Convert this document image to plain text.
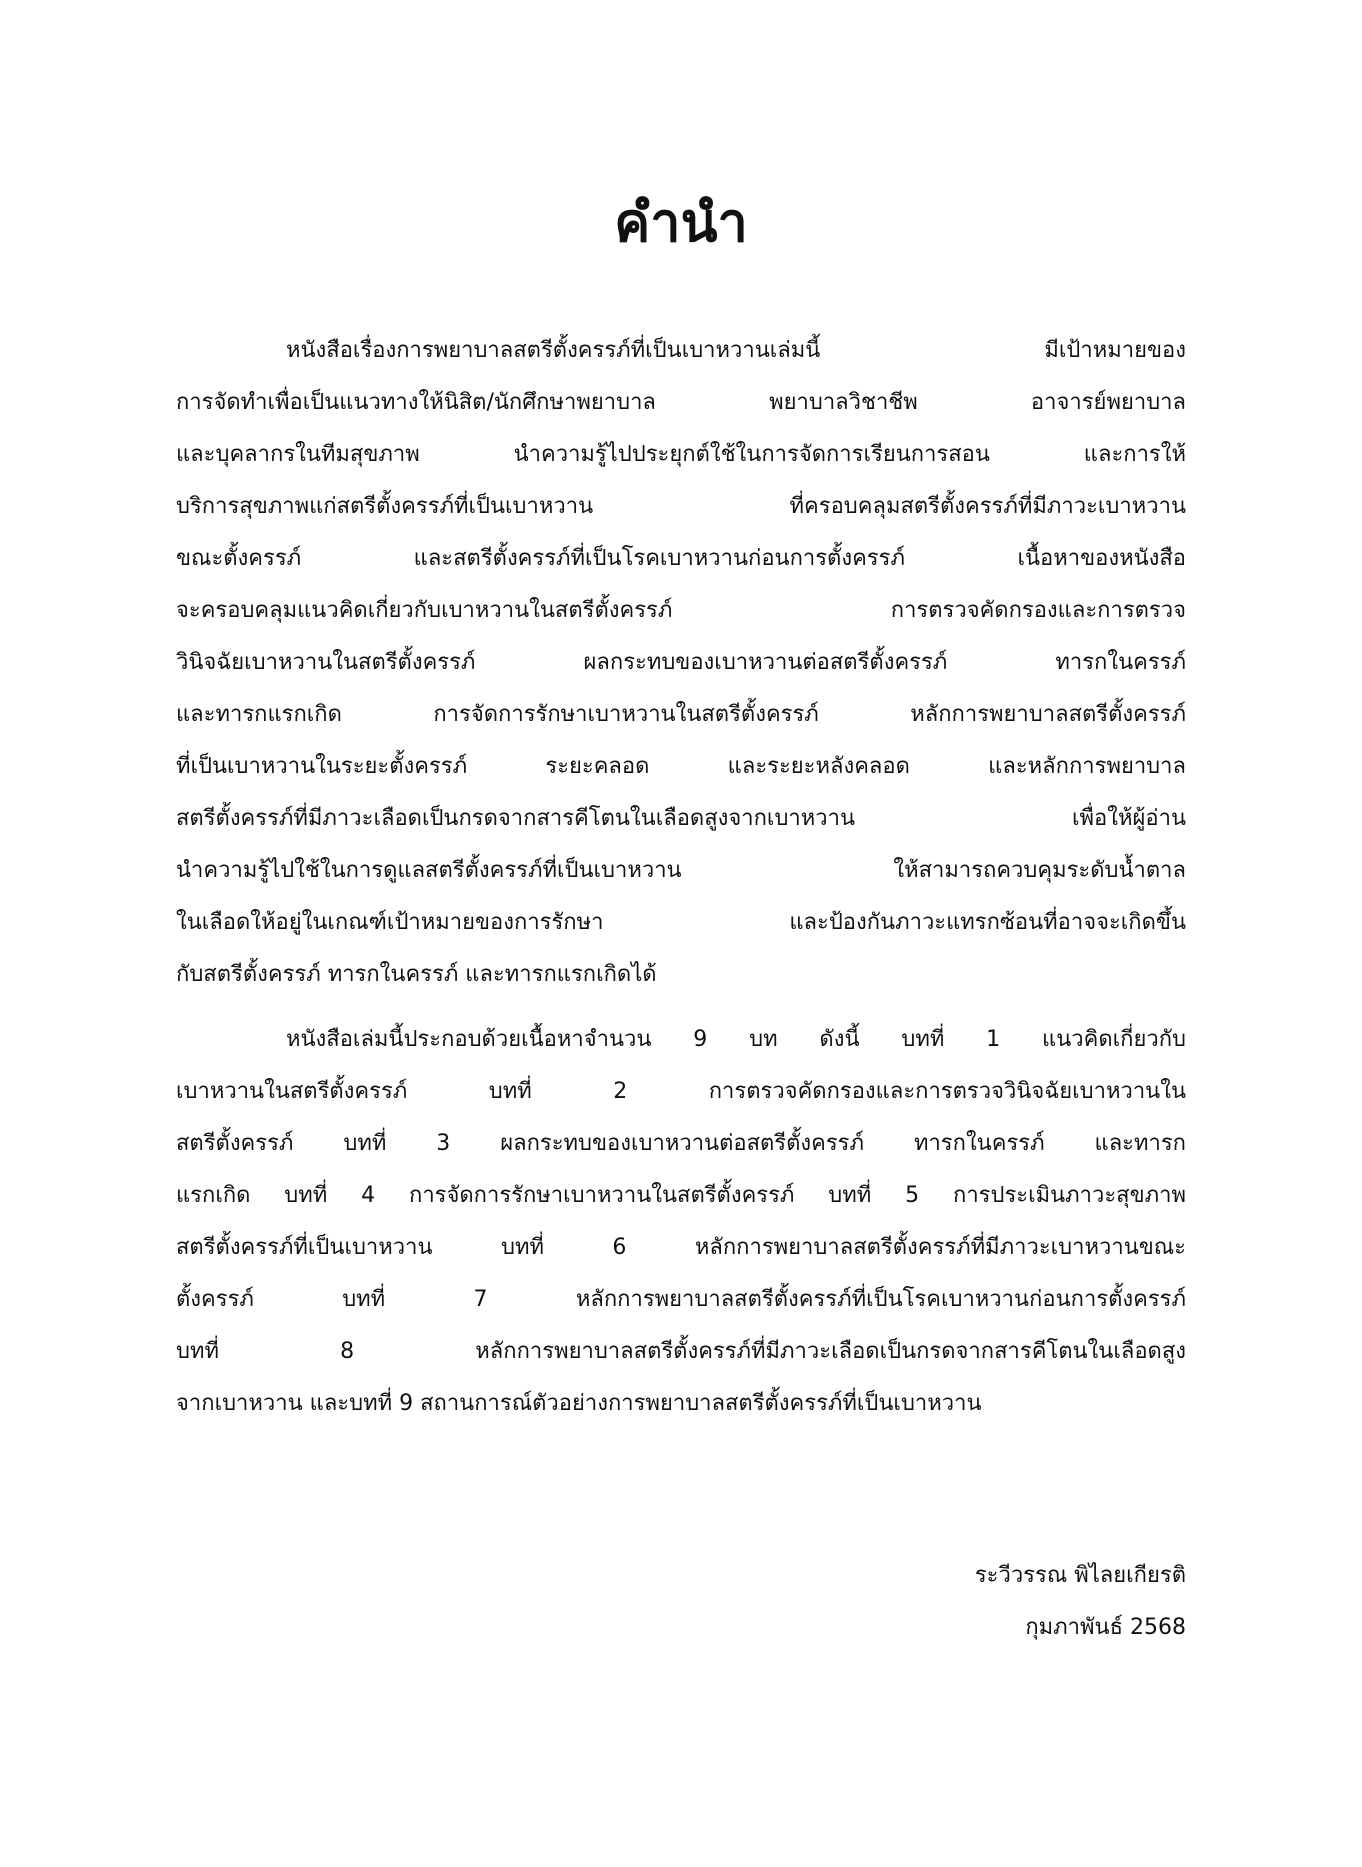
คำนำ
หนังสือเรื่องการพยาบาลสตรีตั้งครรภ์ที่เป็นเบาหวานเล่มนี้ มีเป้าหมายของ
การจัดทำเพื่อเป็นแนวทางให้นิสิต/นักศึกษาพยาบาล พยาบาลวิชาชีพ อาจารย์พยาบาล
และบุคลากรในทีมสุขภาพ นำความรู้ไปประยุกต์ใช้ในการจัดการเรียนการสอน และการให้
บริการสุขภาพแก่สตรีตั้งครรภ์ที่เป็นเบาหวาน ที่ครอบคลุมสตรีตั้งครรภ์ที่มีภาวะเบาหวาน
ขณะตั้งครรภ์ และสตรีตั้งครรภ์ที่เป็นโรคเบาหวานก่อนการตั้งครรภ์ เนื้อหาของหนังสือ
จะครอบคลุมแนวคิดเกี่ยวกับเบาหวานในสตรีตั้งครรภ์ การตรวจคัดกรองและการตรวจ
วินิจฉัยเบาหวานในสตรีตั้งครรภ์ ผลกระทบของเบาหวานต่อสตรีตั้งครรภ์ ทารกในครรภ์
และทารกแรกเกิด การจัดการรักษาเบาหวานในสตรีตั้งครรภ์ หลักการพยาบาลสตรีตั้งครรภ์
ที่เป็นเบาหวานในระยะตั้งครรภ์ ระยะคลอด และระยะหลังคลอด และหลักการพยาบาล
สตรีตั้งครรภ์ที่มีภาวะเลือดเป็นกรดจากสารคีโตนในเลือดสูงจากเบาหวาน เพื่อให้ผู้อ่าน
นำความรู้ไปใช้ในการดูแลสตรีตั้งครรภ์ที่เป็นเบาหวาน ให้สามารถควบคุมระดับน้ำตาล
ในเลือดให้อยู่ในเกณฑ์เป้าหมายของการรักษา และป้องกันภาวะแทรกซ้อนที่อาจจะเกิดขึ้น
กับสตรีตั้งครรภ์ ทารกในครรภ์ และทารกแรกเกิดได้
หนังสือเล่มนี้ประกอบด้วยเนื้อหาจำนวน 9 บท ดังนี้ บทที่ 1 แนวคิดเกี่ยวกับ
เบาหวานในสตรีตั้งครรภ์ บทที่ 2 การตรวจคัดกรองและการตรวจวินิจฉัยเบาหวานใน
สตรีตั้งครรภ์ บทที่ 3 ผลกระทบของเบาหวานต่อสตรีตั้งครรภ์ ทารกในครรภ์ และทารก
แรกเกิด บทที่ 4 การจัดการรักษาเบาหวานในสตรีตั้งครรภ์ บทที่ 5 การประเมินภาวะสุขภาพ
สตรีตั้งครรภ์ที่เป็นเบาหวาน บทที่ 6 หลักการพยาบาลสตรีตั้งครรภ์ที่มีภาวะเบาหวานขณะ
ตั้งครรภ์ บทที่ 7 หลักการพยาบาลสตรีตั้งครรภ์ที่เป็นโรคเบาหวานก่อนการตั้งครรภ์
บทที่ 8 หลักการพยาบาลสตรีตั้งครรภ์ที่มีภาวะเลือดเป็นกรดจากสารคีโตนในเลือดสูง
จากเบาหวาน และบทที่ 9 สถานการณ์ตัวอย่างการพยาบาลสตรีตั้งครรภ์ที่เป็นเบาหวาน
ระวีวรรณ พิไลยเกียรติ
กุมภาพันธ์ 2568
